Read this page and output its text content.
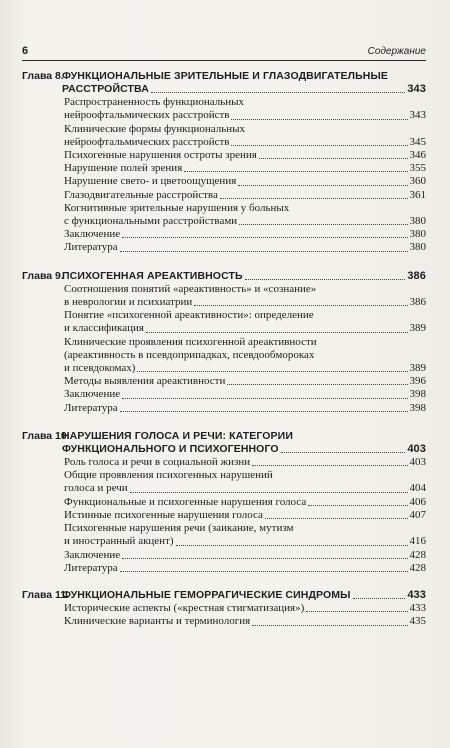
6	Содержание
Глава 8.
ФУНКЦИОНАЛЬНЫЕ ЗРИТЕЛЬНЫЕ И ГЛАЗОДВИГАТЕЛЬНЫЕ
РАССТРОЙСТВА	343
Распространенность функциональных
нейроофтальмических расстройств	343
Клинические формы функциональных
нейроофтальмических расстройств	345
Психогенные нарушения остроты зрения	346
Нарушение полей зрения	355
Нарушение свето- и цветоощущения	360
Глазодвигательные расстройства	361
Когнитивные зрительные нарушения у больных
с функциональными расстройствами	380
Заключение	380
Литература	380
Глава 9.
ПСИХОГЕННАЯ АРЕАКТИВНОСТЬ	386
Соотношения понятий «ареактивность» и «сознание»
в неврологии и психиатрии	386
Понятие «психогенной ареактивности»: определение
и классификация	389
Клинические проявления психогенной ареактивности
(ареактивность в псевдоприпадках, псевдообмороках
и псевдокомах)	389
Методы выявления ареактивности	396
Заключение	398
Литература	398
Глава 10.
НАРУШЕНИЯ ГОЛОСА И РЕЧИ: КАТЕГОРИИ
ФУНКЦИОНАЛЬНОГО И ПСИХОГЕННОГО	403
Роль голоса и речи в социальной жизни	403
Общие проявления психогенных нарушений
голоса и речи	404
Функциональные и психогенные нарушения голоса	406
Истинные психогенные нарушения голоса	407
Психогенные нарушения речи (заикание, мутизм
и иностранный акцент)	416
Заключение	428
Литература	428
Глава 11.
ФУНКЦИОНАЛЬНЫЕ ГЕМОРРАГИЧЕСКИЕ СИНДРОМЫ	433
Исторические аспекты («крестная стигматизация»)	433
Клинические варианты и терминология	435
